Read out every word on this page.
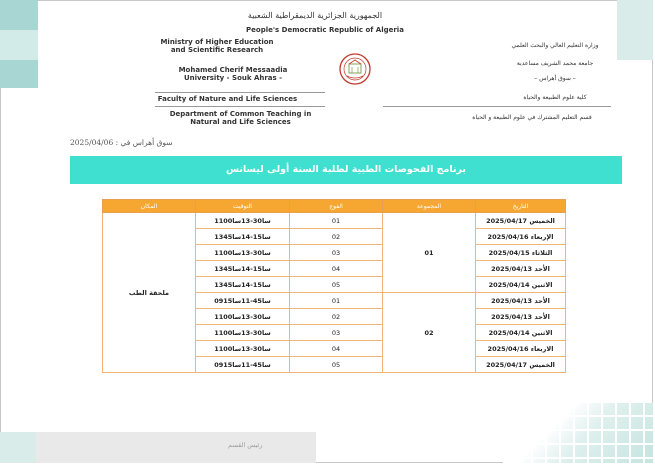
الجمهورية الجزائرية الديمقراطية الشعبية
People's Democratic Republic of Algeria
Ministry of Higher Education and Scientific Research
Mohamed Cherif Messaadia University - Souk Ahras -
Faculty of Nature and Life Sciences
Department of Common Teaching in Natural and Life Sciences
وزارة التعليم العالي والبحث العلمي
جامعة محمد الشريف مساعدية
– سوق أهراس –
كلية علوم الطبيعة والحياة
قسم التعليم المشترك في علوم الطبيعة و الحياة
سوق أهراس في : 2025/04/06
برنامج الفحوصات الطبية لطلبة السنة أولى ليسانس
التاريخ	المجموعة	الفوج	التوقيت	المكان
الخميس 2025/04/17	01	01	11سا30-13سا00	ملحقة الطب
الإربعاء 2025/04/16		02	13سا15-14سا45	
الثلاثاء 2025/04/15		03	11سا30-13سا00	
الأحد 2025/04/13		04	13سا15-14سا45	
الاثنين 2025/04/14		05	13سا15-14سا45	
الأحد 2025/04/13	02	01	09سا45-11سا15	
الأحد 2025/04/13		02	11سا30-13سا00	
الاثنين 2025/04/14		03	11سا30-13سا00	
الاربعاء 2025/04/16		04	11سا30-13سا00	
الخميس 2025/04/17		05	09سا45-11سا15	
رئيس القسم
